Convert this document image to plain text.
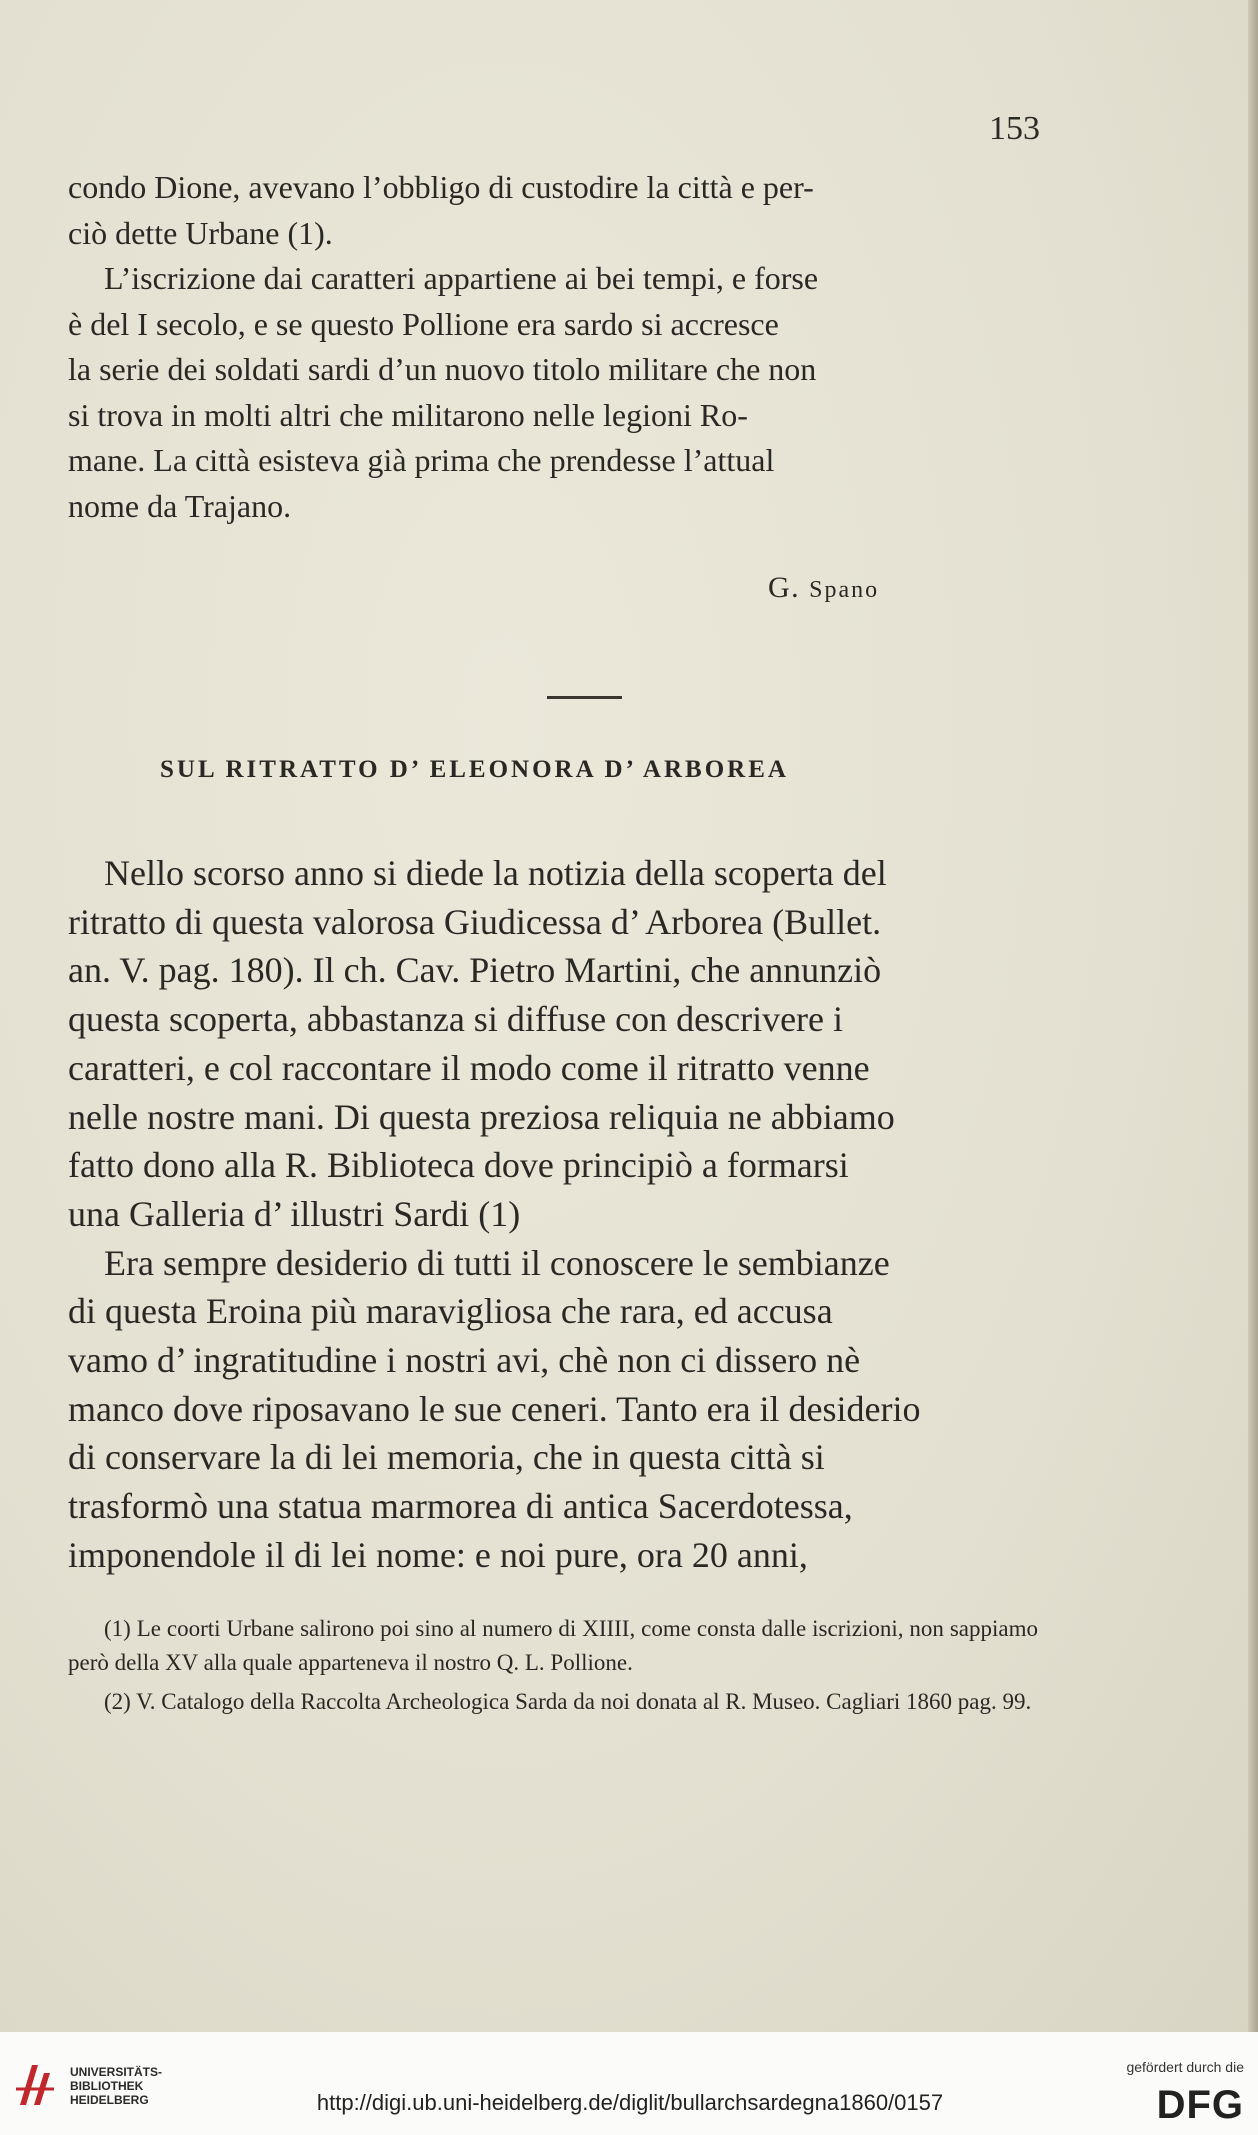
153

condo Dione, avevano l’obbligo di custodire la città e per-

ciò dette Urbane (1).

L’iscrizione dai caratteri appartiene ai bei tempi, e forse

è del I secolo, e se questo Pollione era sardo si accresce

la serie dei soldati sardi d’un nuovo titolo militare che non

si trova in molti altri che militarono nelle legioni Ro-

mane. La città esisteva già prima che prendesse l’attual

nome da Trajano.

G. Spano
SUL RITRATTO D’ ELEONORA D’ ARBOREA

Nello scorso anno si diede la notizia della scoperta del

ritratto di questa valorosa Giudicessa d’ Arborea (Bullet.

an. V. pag. 180). Il ch. Cav. Pietro Martini, che annunziò

questa scoperta, abbastanza si diffuse con descrivere i

caratteri, e col raccontare il modo come il ritratto venne

nelle nostre mani. Di questa preziosa reliquia ne abbiamo

fatto dono alla R. Biblioteca dove principiò a formarsi

una Galleria d’ illustri Sardi (1)

Era sempre desiderio di tutti il conoscere le sembianze

di questa Eroina più maravigliosa che rara, ed accusa

vamo d’ ingratitudine i nostri avi, chè non ci dissero nè

manco dove riposavano le sue ceneri. Tanto era il desiderio

di conservare la di lei memoria, che in questa città si

trasformò una statua marmorea di antica Sacerdotessa,

imponendole il di lei nome: e noi pure, ora 20 anni,

(1) Le coorti Urbane salirono poi sino al numero di XIIII, come consta dalle iscrizioni, non sappiamo però della XV alla quale apparteneva il nostro Q. L. Pollione.

(2) V. Catalogo della Raccolta Archeologica Sarda da noi donata al R. Museo. Cagliari 1860 pag. 99.

UNIVERSITÄTS-
BIBLIOTHEK
HEIDELBERG	http://digi.ub.uni-heidelberg.de/diglit/bullarchsardegna1860/0157
gefördert durch die
DFG
